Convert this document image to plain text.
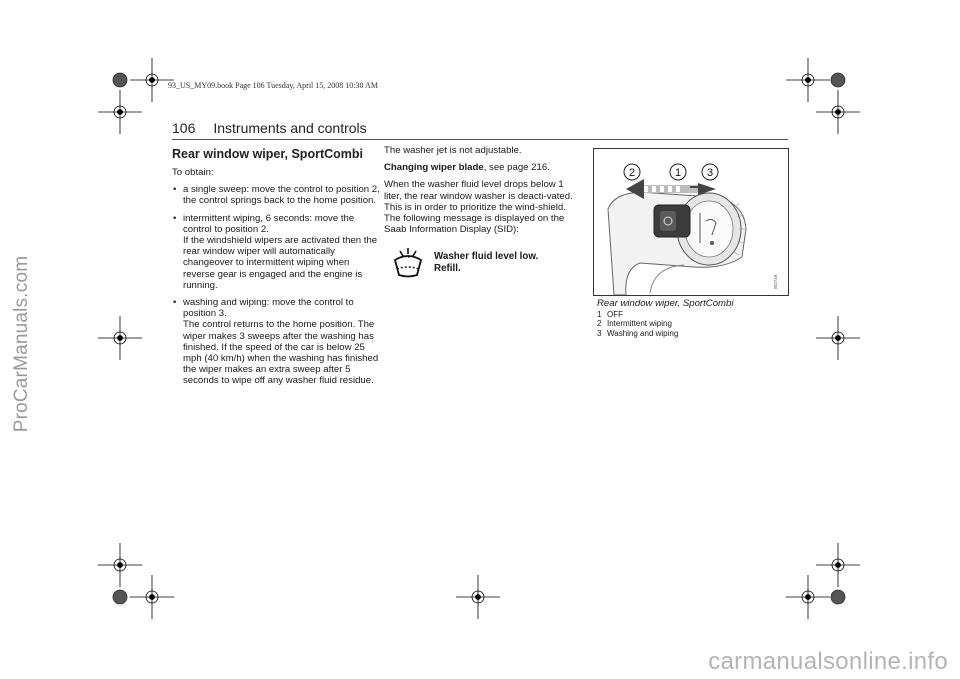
ProCarManuals.com
carmanualsonline.info
93_US_MY09.book Page 106 Tuesday, April 15, 2008 10:30 AM
106 Instruments and controls
Rear window wiper, SportCombi
To obtain:
• a single sweep: move the control to position 2, the control springs back to the home position.
• intermittent wiping, 6 seconds: move the control to position 2.
If the windshield wipers are activated then the rear window wiper will automatically changeover to intermittent wiping when reverse gear is engaged and the engine is running.
• washing and wiping: move the control to position 3.
The control returns to the home position. The wiper makes 3 sweeps after the washing has finished. If the speed of the car is below 25 mph (40 km/h) when the washing has finished the wiper makes an extra sweep after 5 seconds to wipe off any washer fluid residue.
The washer jet is not adjustable.
Changing wiper blade, see page 216.
When the washer fluid level drops below 1 liter, the rear window washer is deacti-vated. This is in order to prioritize the wind-shield. The following message is displayed on the Saab Information Display (SID):
Washer fluid level low.
Refill.
2	1 3
IB2749
Rear window wiper, SportCombi
1 OFF
2 Intermittent wiping
3 Washing and wiping
